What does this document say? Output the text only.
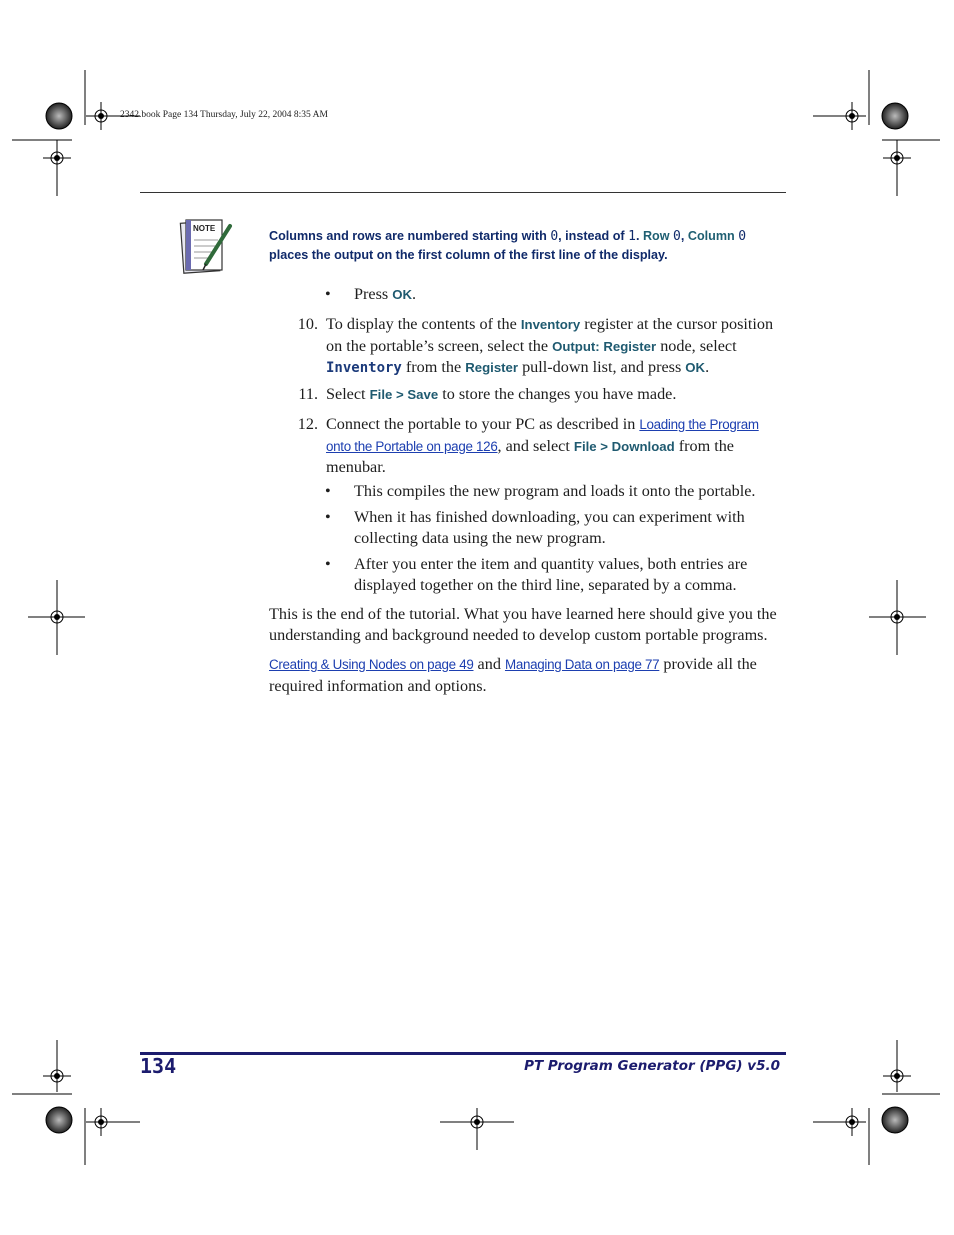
2342.book Page 134 Thursday, July 22, 2004 8:35 AM
NOTE
Columns and rows are numbered starting with 0, instead of 1. Row 0, Column 0
places the output on the first column of the first line of the display.
• Press OK.
10. To display the contents of the Inventory register at the cursor position
on the portable’s screen, select the Output: Register node, select
Inventory from the Register pull-down list, and press OK.
11. Select File > Save to store the changes you have made.
12. Connect the portable to your PC as described in Loading the Program
onto the Portable on page 126, and select File > Download from the
menubar.
• This compiles the new program and loads it onto the portable.
• When it has finished downloading, you can experiment with
collecting data using the new program.
• After you enter the item and quantity values, both entries are
displayed together on the third line, separated by a comma.
This is the end of the tutorial. What you have learned here should give you the
understanding and background needed to develop custom portable programs.
Creating & Using Nodes on page 49 and Managing Data on page 77 provide all the
required information and options.
134	PT Program Generator (PPG) v5.0
